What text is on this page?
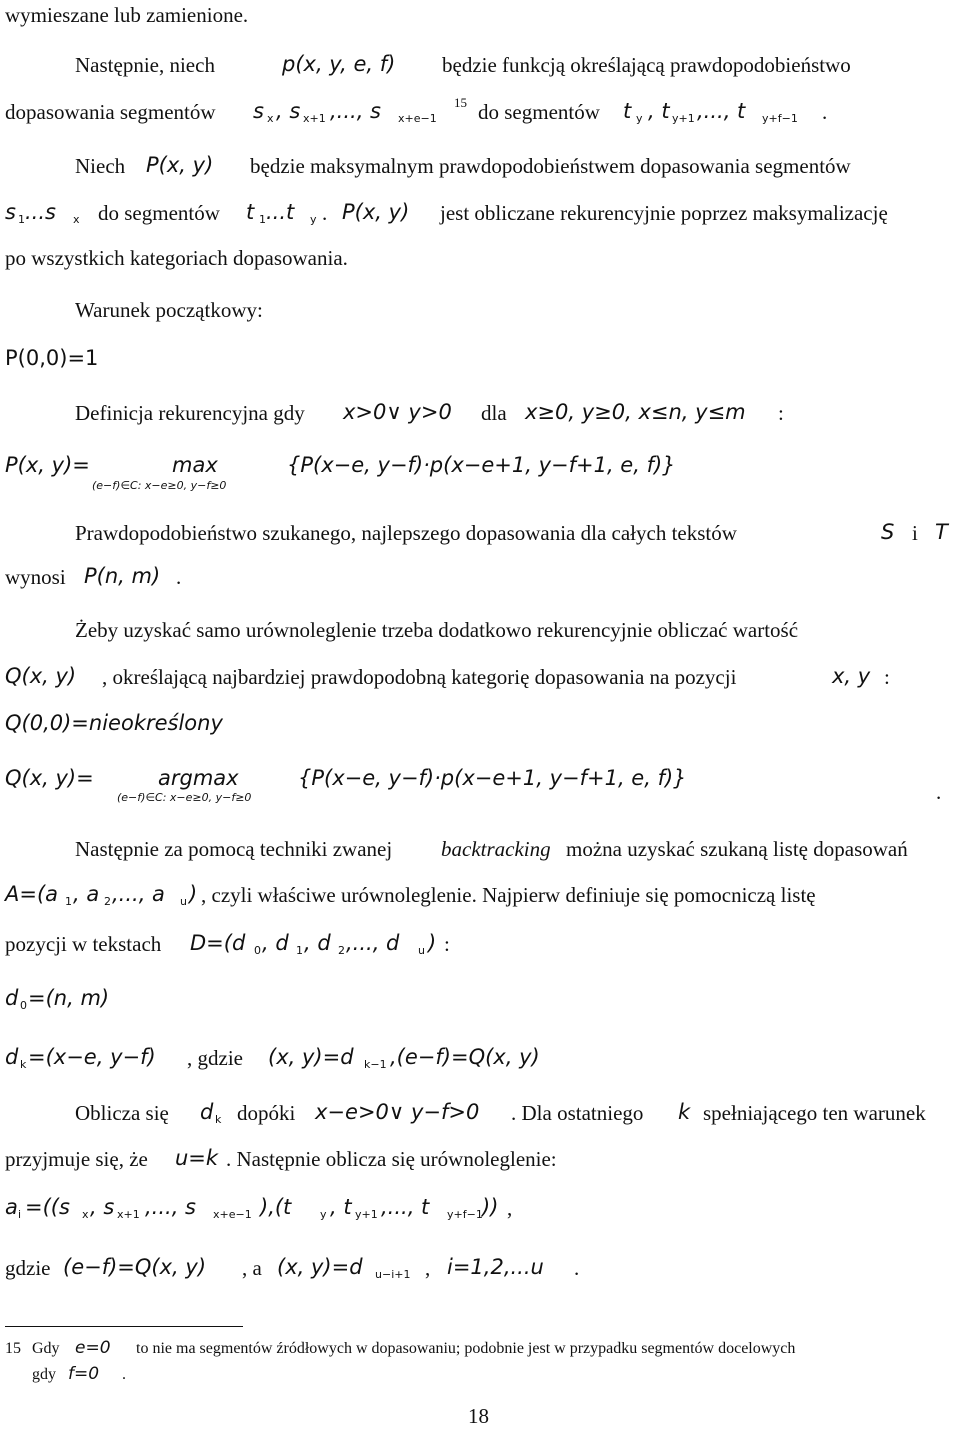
wymieszane lub zamienione.
Następnie, niech	p(x, y, e, f) będzie funkcją określającą prawdopodobieństwo
dopasowania segmentów s x , s x+1 ,..., s x+e−1
15 do segmentów t y , t y+1 ,..., t y+f−1 .
Niech P(x, y) będzie maksymalnym prawdopodobieństwem dopasowania segmentów
s 1 ...s x do segmentów t 1 ...t y . P(x, y) jest obliczane rekurencyjnie poprzez maksymalizację
po wszystkich kategoriach dopasowania.
Warunek początkowy:
P(0,0)=1
Definicja rekurencyjna gdy x>0∨ y>0 dla x≥0, y≥0, x≤n, y≤m :
P(x, y)=	max	{P(x−e, y−f)·p(x−e+1, y−f+1, e, f)}
(e−f)∈C: x−e≥0, y−f≥0
Prawdopodobieństwo szukanego, najlepszego dopasowania dla całych tekstów	S i T
wynosi P(n, m) .
Żeby uzyskać samo urównoleglenie trzeba dodatkowo rekurencyjnie obliczać wartość
Q(x, y) , określającą najbardziej prawdopodobną kategorię dopasowania na pozycji	x, y :
Q(0,0)=nieokreślony
Q(x, y)=	argmax	{P(x−e, y−f)·p(x−e+1, y−f+1, e, f)}
(e−f)∈C: x−e≥0, y−f≥0	.
Następnie za pomocą techniki zwanej backtracking można uzyskać szukaną listę dopasowań
A=(a 1 , a 2 ,..., a u ) , czyli właściwe urównoleglenie. Najpierw definiuje się pomocniczą listę
pozycji w tekstach D=(d 0 , d 1 , d 2 ,..., d u ) :
d 0 =(n, m)
d k =(x−e, y−f) , gdzie (x, y)=d k−1 ,(e−f)=Q(x, y)
Oblicza się d k dopóki x−e>0∨ y−f>0 . Dla ostatniego k spełniającego ten warunek
przyjmuje się, że u=k . Następnie oblicza się urównoleglenie:
a i =((s x , s x+1 ,..., s x+e−1 ),(t	y , t y+1 ,..., t y+f−1 )) ,
gdzie (e−f)=Q(x, y) , a (x, y)=d u−i+1 , i=1,2,...u .
15 Gdy e=0 to nie ma segmentów źródłowych w dopasowaniu; podobnie jest w przypadku segmentów docelowych
gdy f=0 .
18
